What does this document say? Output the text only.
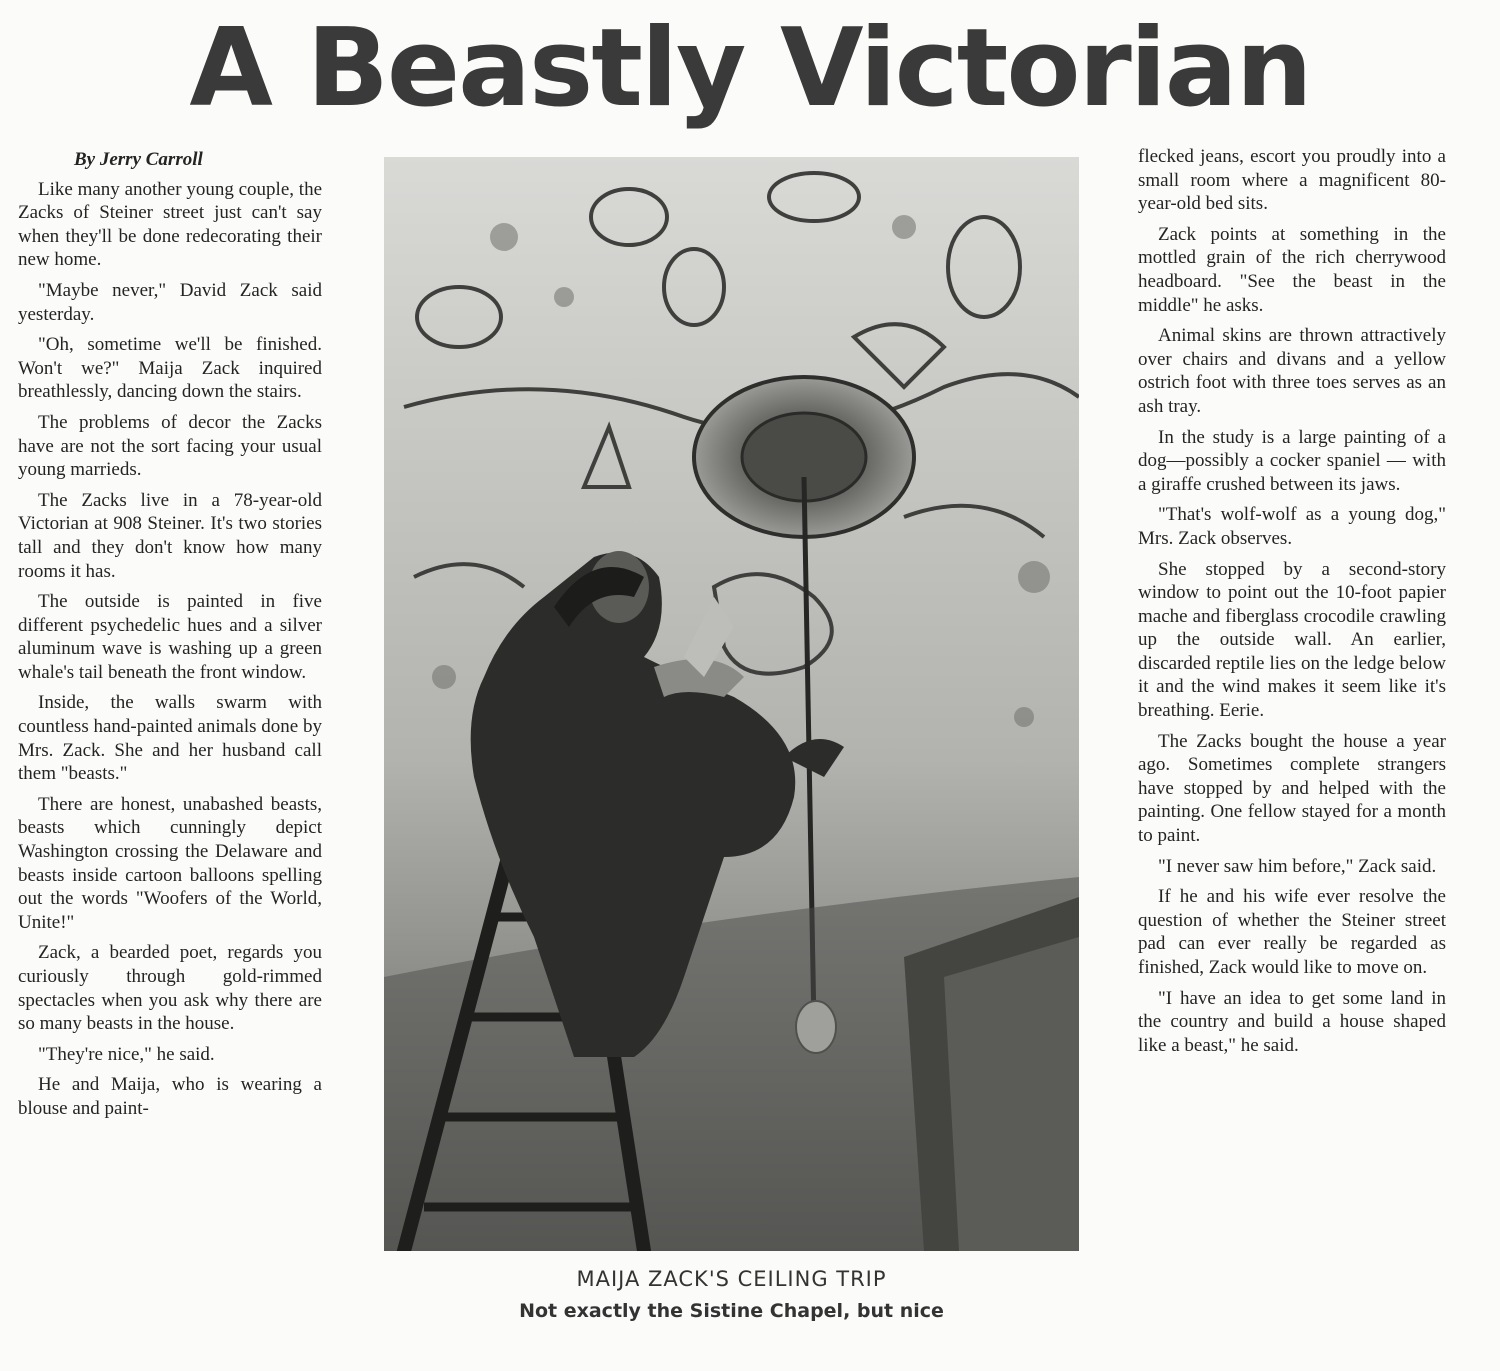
A Beastly Victorian

By Jerry Carroll

Like many another young couple, the Zacks of Steiner street just can't say when they'll be done redecorating their new home.

"Maybe never," David Zack said yesterday.

"Oh, sometime we'll be finished. Won't we?" Maija Zack inquired breathlessly, dancing down the stairs.

The problems of decor the Zacks have are not the sort facing your usual young marrieds.

The Zacks live in a 78-year-old Victorian at 908 Steiner. It's two stories tall and they don't know how many rooms it has.

The outside is painted in five different psychedelic hues and a silver aluminum wave is washing up a green whale's tail beneath the front window.

Inside, the walls swarm with countless hand-painted animals done by Mrs. Zack. She and her husband call them "beasts."

There are honest, unabashed beasts, beasts which cunningly depict Washington crossing the Delaware and beasts inside cartoon balloons spelling out the words "Woofers of the World, Unite!"

Zack, a bearded poet, regards you curiously through gold-rimmed spectacles when you ask why there are so many beasts in the house.

"They're nice," he said.

He and Maija, who is wearing a blouse and paint-

MAIJA ZACK'S CEILING TRIP
Not exactly the Sistine Chapel, but nice

flecked jeans, escort you proudly into a small room where a magnificent 80-year-old bed sits.

Zack points at something in the mottled grain of the rich cherrywood headboard. "See the beast in the middle" he asks.

Animal skins are thrown attractively over chairs and divans and a yellow ostrich foot with three toes serves as an ash tray.

In the study is a large painting of a dog—possibly a cocker spaniel — with a giraffe crushed between its jaws.

"That's wolf-wolf as a young dog," Mrs. Zack observes.

She stopped by a second-story window to point out the 10-foot papier mache and fiberglass crocodile crawling up the outside wall. An earlier, discarded reptile lies on the ledge below it and the wind makes it seem like it's breathing. Eerie.

The Zacks bought the house a year ago. Sometimes complete strangers have stopped by and helped with the painting. One fellow stayed for a month to paint.

"I never saw him before," Zack said.

If he and his wife ever resolve the question of whether the Steiner street pad can ever really be regarded as finished, Zack would like to move on.

"I have an idea to get some land in the country and build a house shaped like a beast," he said.
